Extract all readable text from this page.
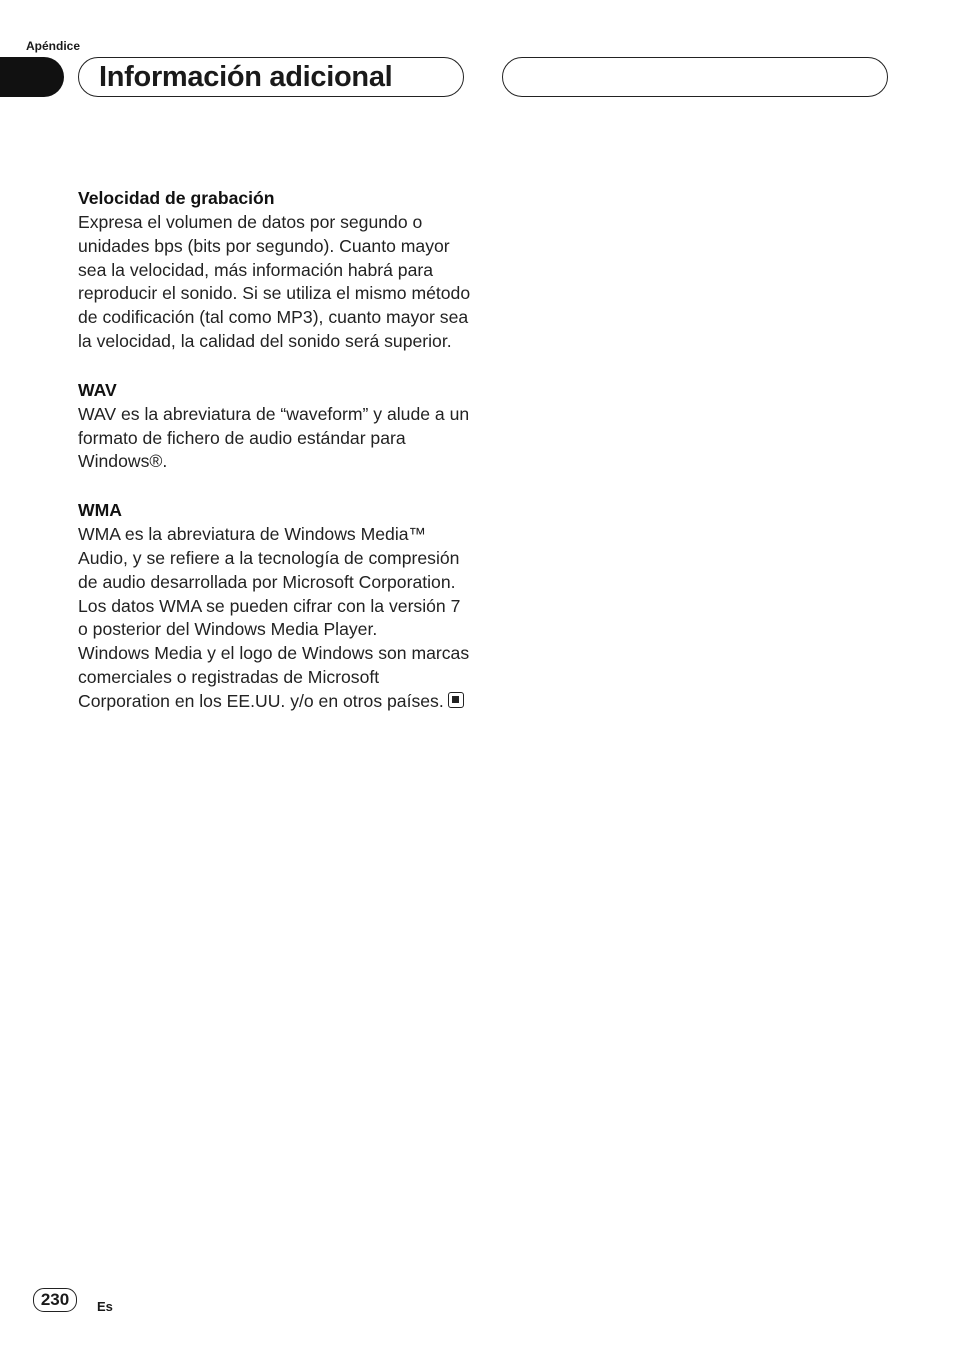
Apéndice
Información adicional
Velocidad de grabación

Expresa el volumen de datos por segundo o unidades bps (bits por segundo). Cuanto mayor sea la velocidad, más información habrá para reproducir el sonido. Si se utiliza el mismo método de codificación (tal como MP3), cuanto mayor sea la velocidad, la calidad del sonido será superior.

WAV

WAV es la abreviatura de “waveform” y alude a un formato de fichero de audio estándar para Windows®.

WMA

WMA es la abreviatura de Windows Media™ Audio, y se refiere a la tecnología de compresión de audio desarrollada por Microsoft Corporation. Los datos WMA se pueden cifrar con la versión 7 o posterior del Windows Media Player.

Windows Media y el logo de Windows son marcas comerciales o registradas de Microsoft Corporation en los EE.UU. y/o en otros países.

230	Es
